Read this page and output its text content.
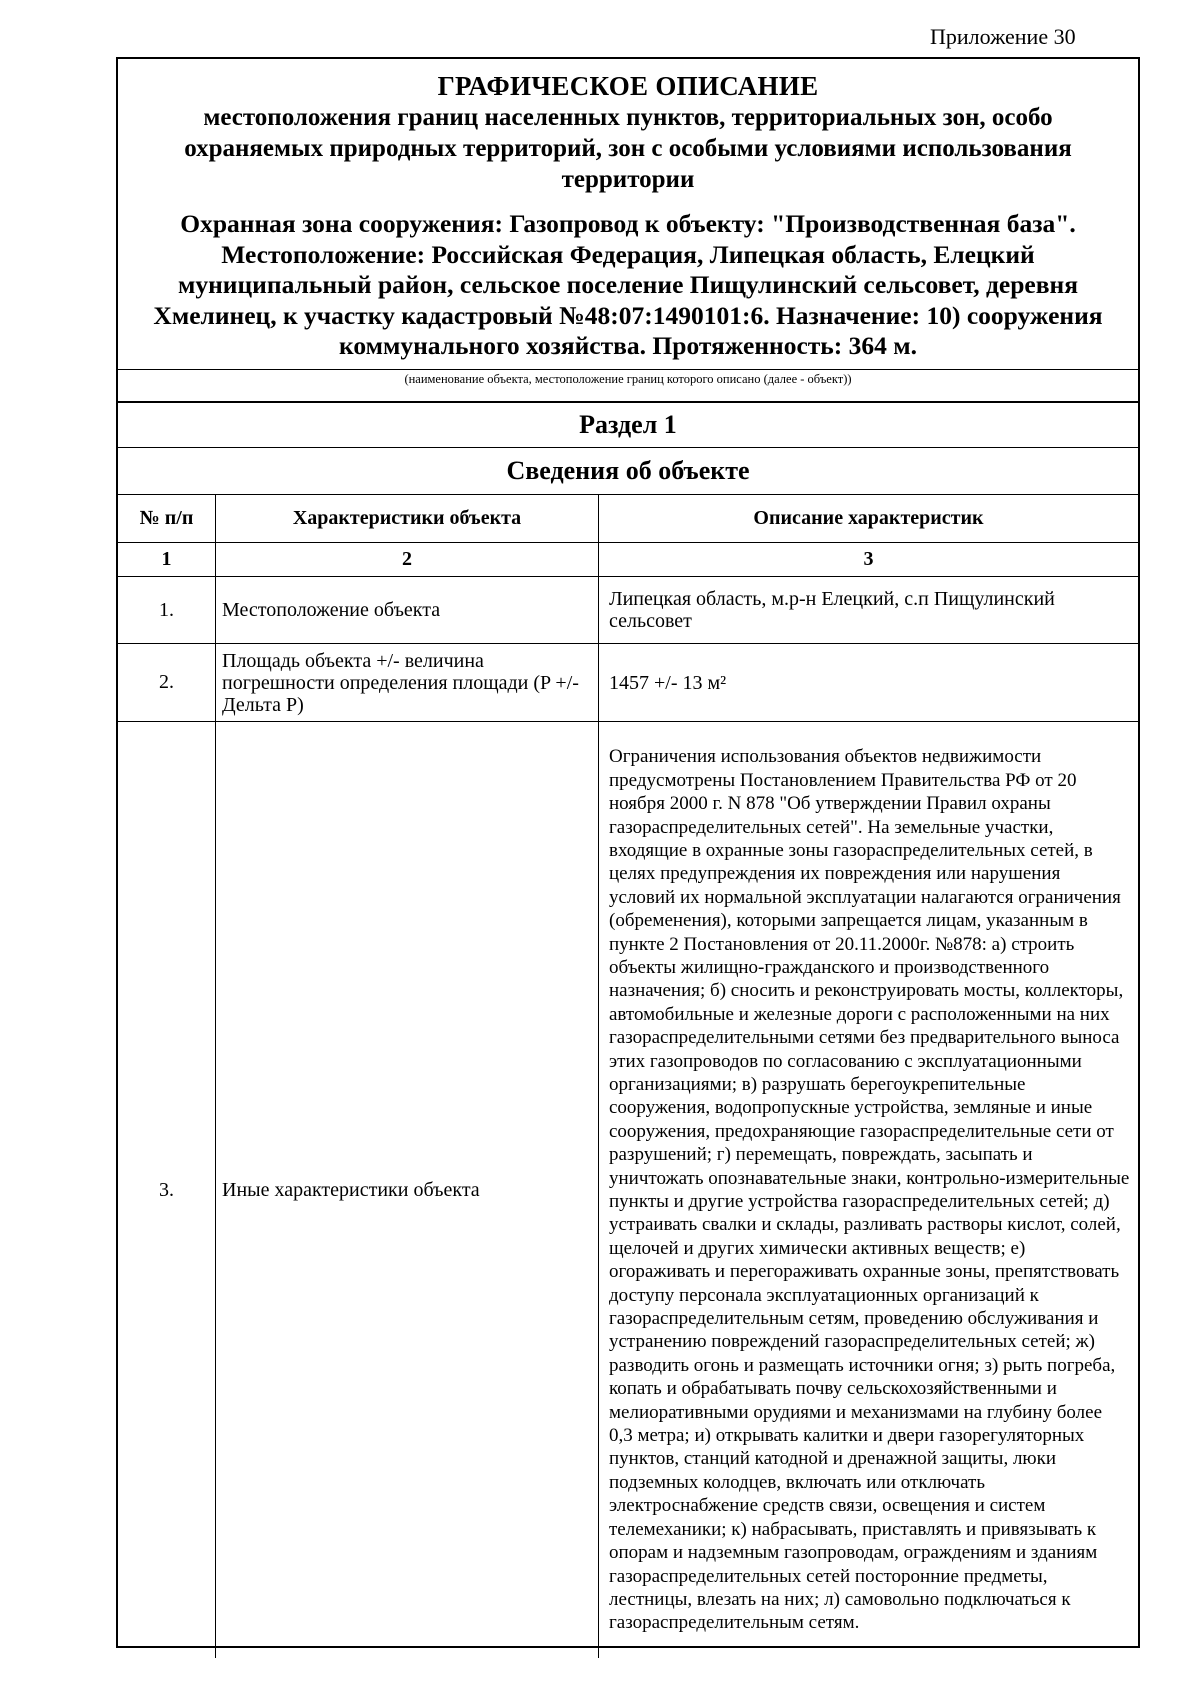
Приложение 30
ГРАФИЧЕСКОЕ ОПИСАНИЕ
местоположения границ населенных пунктов, территориальных зон, особо охраняемых природных территорий, зон с особыми условиями использования территории
Охранная зона сооружения: Газопровод к объекту: "Производственная база". Местоположение: Российская Федерация, Липецкая область, Елецкий муниципальный район, сельское поселение Пищулинский сельсовет, деревня Хмелинец, к участку кадастровый №48:07:1490101:6. Назначение: 10) сооружения коммунального хозяйства. Протяженность: 364 м.
(наименование объекта, местоположение границ которого описано (далее - объект))
Раздел 1
Сведения об объекте
№ п/п	Характеристики объекта	Описание характеристик
1	2	3
1.	Местоположение объекта	Липецкая область, м.р-н Елецкий, с.п Пищулинский сельсовет
2.	Площадь объекта +/- величина погрешности определения площади (P +/- Дельта P)	1457 +/- 13 м²
3.	Иные характеристики объекта	Ограничения использования объектов недвижимости предусмотрены Постановлением Правительства РФ от 20 ноября 2000 г. N 878 "Об утверждении Правил охраны газораспределительных сетей". На земельные участки, входящие в охранные зоны газораспределительных сетей, в целях предупреждения их повреждения или нарушения условий их нормальной эксплуатации налагаются ограничения (обременения), которыми запрещается лицам, указанным в пункте 2 Постановления от 20.11.2000г. №878: а) строить объекты жилищно-гражданского и производственного назначения; б) сносить и реконструировать мосты, коллекторы, автомобильные и железные дороги с расположенными на них газораспределительными сетями без предварительного выноса этих газопроводов по согласованию с эксплуатационными организациями; в) разрушать берегоукрепительные сооружения, водопропускные устройства, земляные и иные сооружения, предохраняющие газораспределительные сети от разрушений; г) перемещать, повреждать, засыпать и уничтожать опознавательные знаки, контрольно-измерительные пункты и другие устройства газораспределительных сетей; д) устраивать свалки и склады, разливать растворы кислот, солей, щелочей и других химически активных веществ; е) огораживать и перегораживать охранные зоны, препятствовать доступу персонала эксплуатационных организаций к газораспределительным сетям, проведению обслуживания и устранению повреждений газораспределительных сетей; ж) разводить огонь и размещать источники огня; з) рыть погреба, копать и обрабатывать почву сельскохозяйственными и мелиоративными орудиями и механизмами на глубину более 0,3 метра; и) открывать калитки и двери газорегуляторных пунктов, станций катодной и дренажной защиты, люки подземных колодцев, включать или отключать электроснабжение средств связи, освещения и систем телемеханики; к) набрасывать, приставлять и привязывать к опорам и надземным газопроводам, ограждениям и зданиям газораспределительных сетей посторонние предметы, лестницы, влезать на них; л) самовольно подключаться к газораспределительным сетям.
